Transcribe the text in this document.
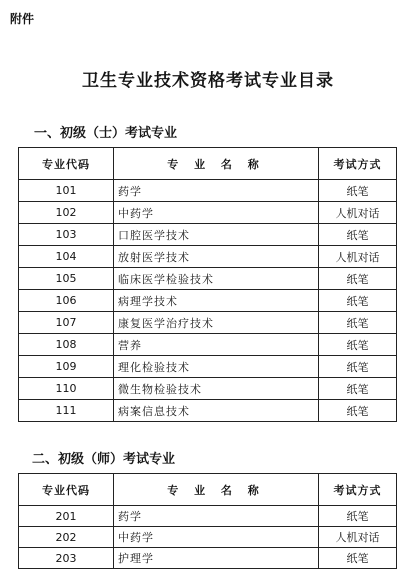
附件
卫生专业技术资格考试专业目录
一、初级（士）考试专业
专业代码	专 业 名 称	考试方式
101	药学	纸笔
102	中药学	人机对话
103	口腔医学技术	纸笔
104	放射医学技术	人机对话
105	临床医学检验技术	纸笔
106	病理学技术	纸笔
107	康复医学治疗技术	纸笔
108	营养	纸笔
109	理化检验技术	纸笔
110	微生物检验技术	纸笔
111	病案信息技术	纸笔
二、初级（师）考试专业
专业代码	专 业 名 称	考试方式
201	药学	纸笔
202	中药学	人机对话
203	护理学	纸笔
